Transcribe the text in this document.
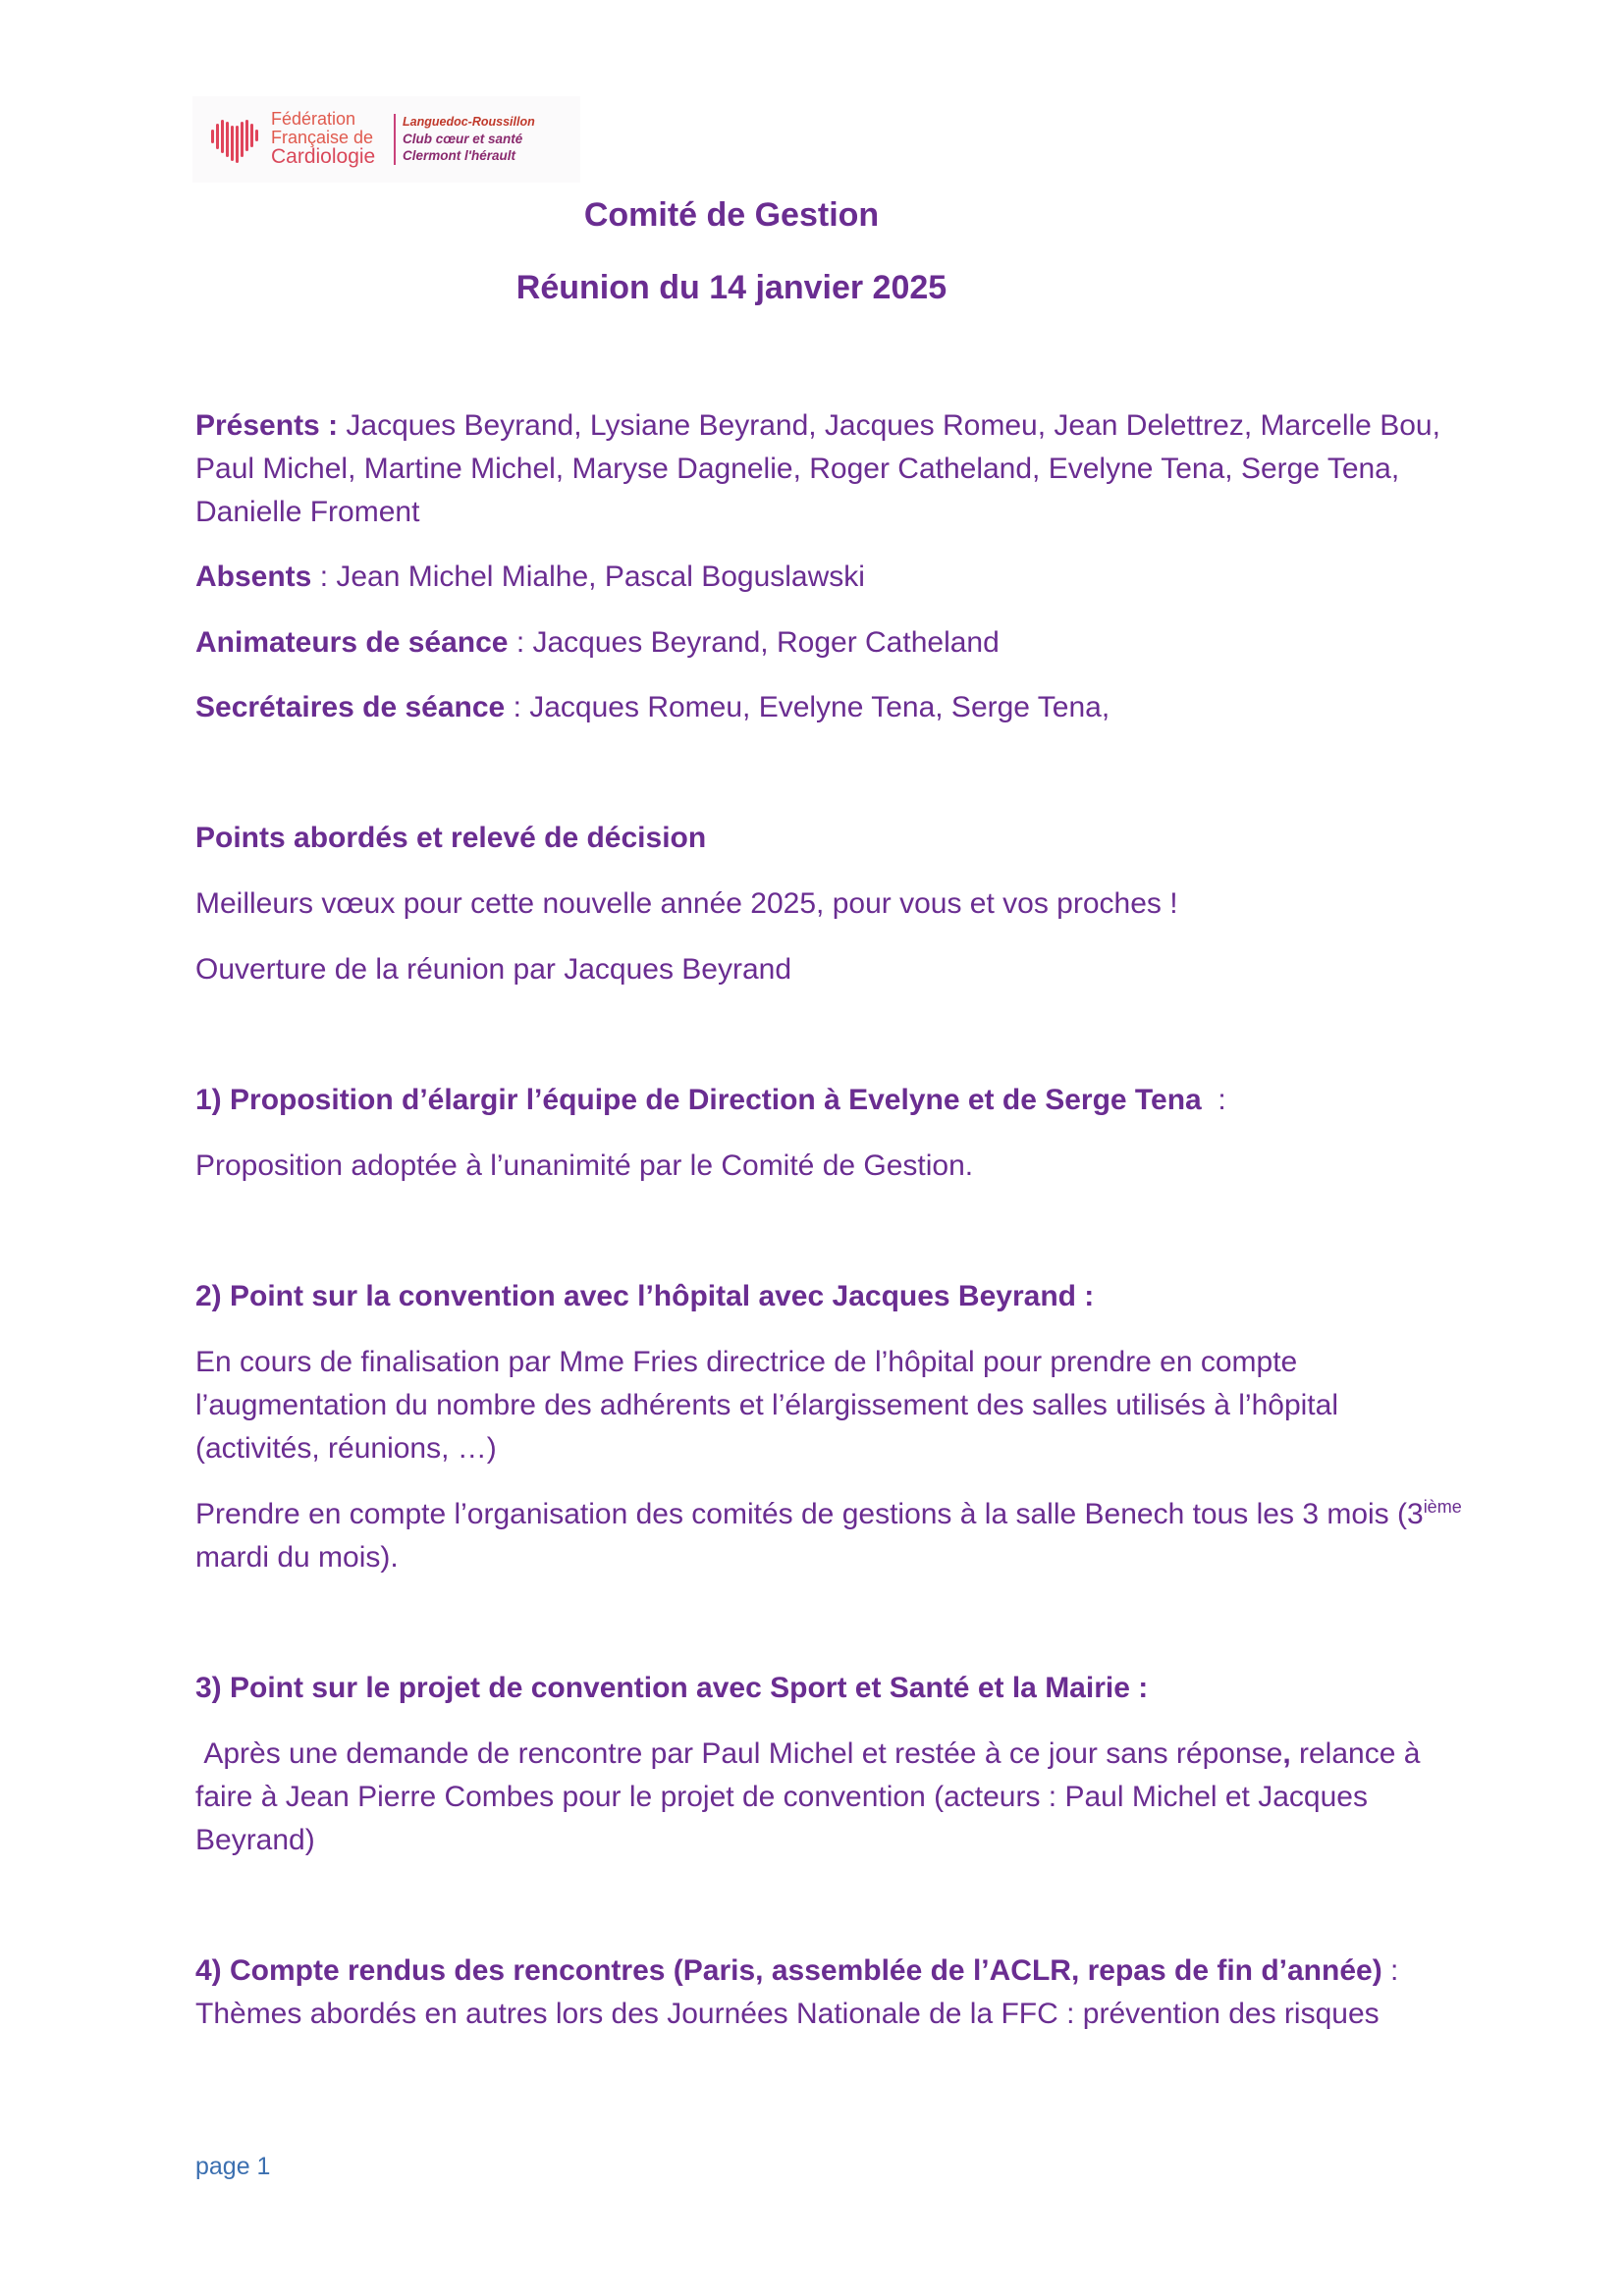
Fédération
Française de
Cardiologie
Languedoc-Roussillon
Club cœur et santé
Clermont l'hérault
Comité de Gestion
Réunion du 14 janvier 2025
Présents : Jacques Beyrand, Lysiane Beyrand, Jacques Romeu, Jean Delettrez, Marcelle Bou, Paul Michel, Martine Michel, Maryse Dagnelie, Roger Catheland, Evelyne Tena, Serge Tena, Danielle Froment
Absents : Jean Michel Mialhe, Pascal Boguslawski
Animateurs de séance : Jacques Beyrand, Roger Catheland
Secrétaires de séance : Jacques Romeu, Evelyne Tena, Serge Tena,
Points abordés et relevé de décision
Meilleurs vœux pour cette nouvelle année 2025, pour vous et vos proches !
Ouverture de la réunion par Jacques Beyrand
1) Proposition d’élargir l’équipe de Direction à Evelyne et de Serge Tena  :
Proposition adoptée à l’unanimité par le Comité de Gestion.
2) Point sur la convention avec l’hôpital avec Jacques Beyrand :
En cours de finalisation par Mme Fries directrice de l’hôpital pour prendre en compte l’augmentation du nombre des adhérents et l’élargissement des salles utilisés à l’hôpital (activités, réunions, …)
Prendre en compte l’organisation des comités de gestions à la salle Benech tous les 3 mois (3ième mardi du mois).
3) Point sur le projet de convention avec Sport et Santé et la Mairie :
Après une demande de rencontre par Paul Michel et restée à ce jour sans réponse, relance à faire à Jean Pierre Combes pour le projet de convention (acteurs : Paul Michel et Jacques Beyrand)
4) Compte rendus des rencontres (Paris, assemblée de l’ACLR, repas de fin d’année) :
Thèmes abordés en autres lors des Journées Nationale de la FFC : prévention des risques
page 1
